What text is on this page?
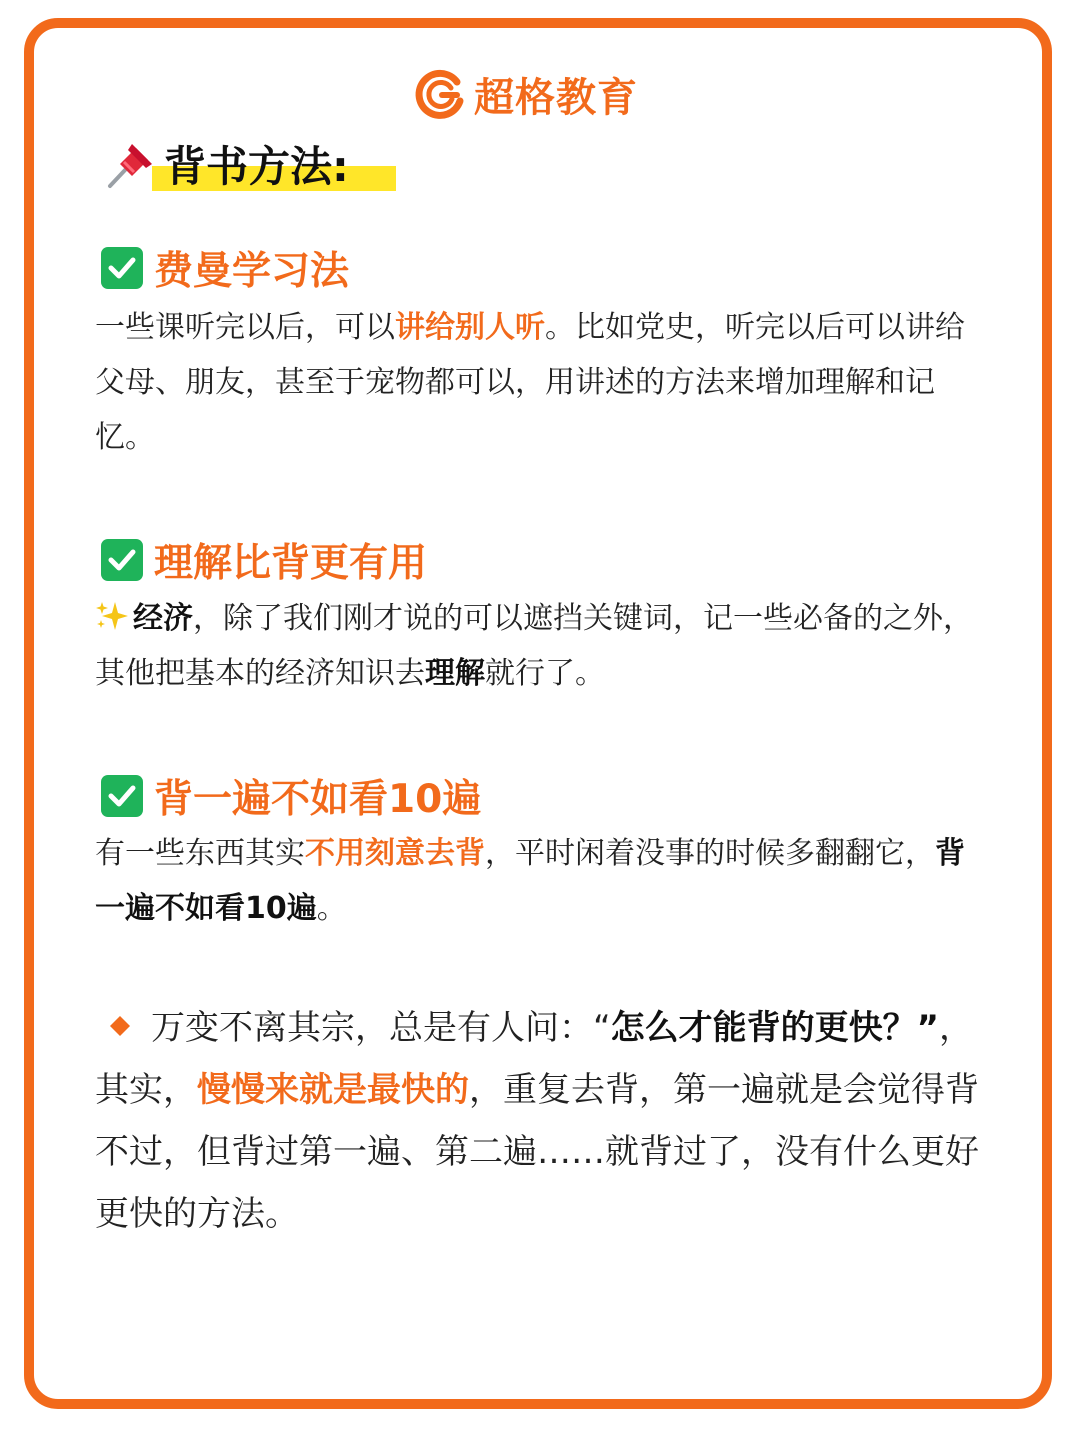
超格教育
背书方法:
费曼学习法

一些课听完以后，可以讲给别人听。比如党史，听完以后可以讲给父母、朋友，甚至于宠物都可以，用讲述的方法来增加理解和记忆。

理解比背更有用

经济，除了我们刚才说的可以遮挡关键词，记一些必备的之外，其他把基本的经济知识去理解就行了。

背一遍不如看10遍

有一些东西其实不用刻意去背，平时闲着没事的时候多翻翻它，背一遍不如看10遍。

万变不离其宗，总是有人问：“怎么才能背的更快？”，其实，慢慢来就是最快的，重复去背，第一遍就是会觉得背不过，但背过第一遍、第二遍……就背过了，没有什么更好更快的方法。
